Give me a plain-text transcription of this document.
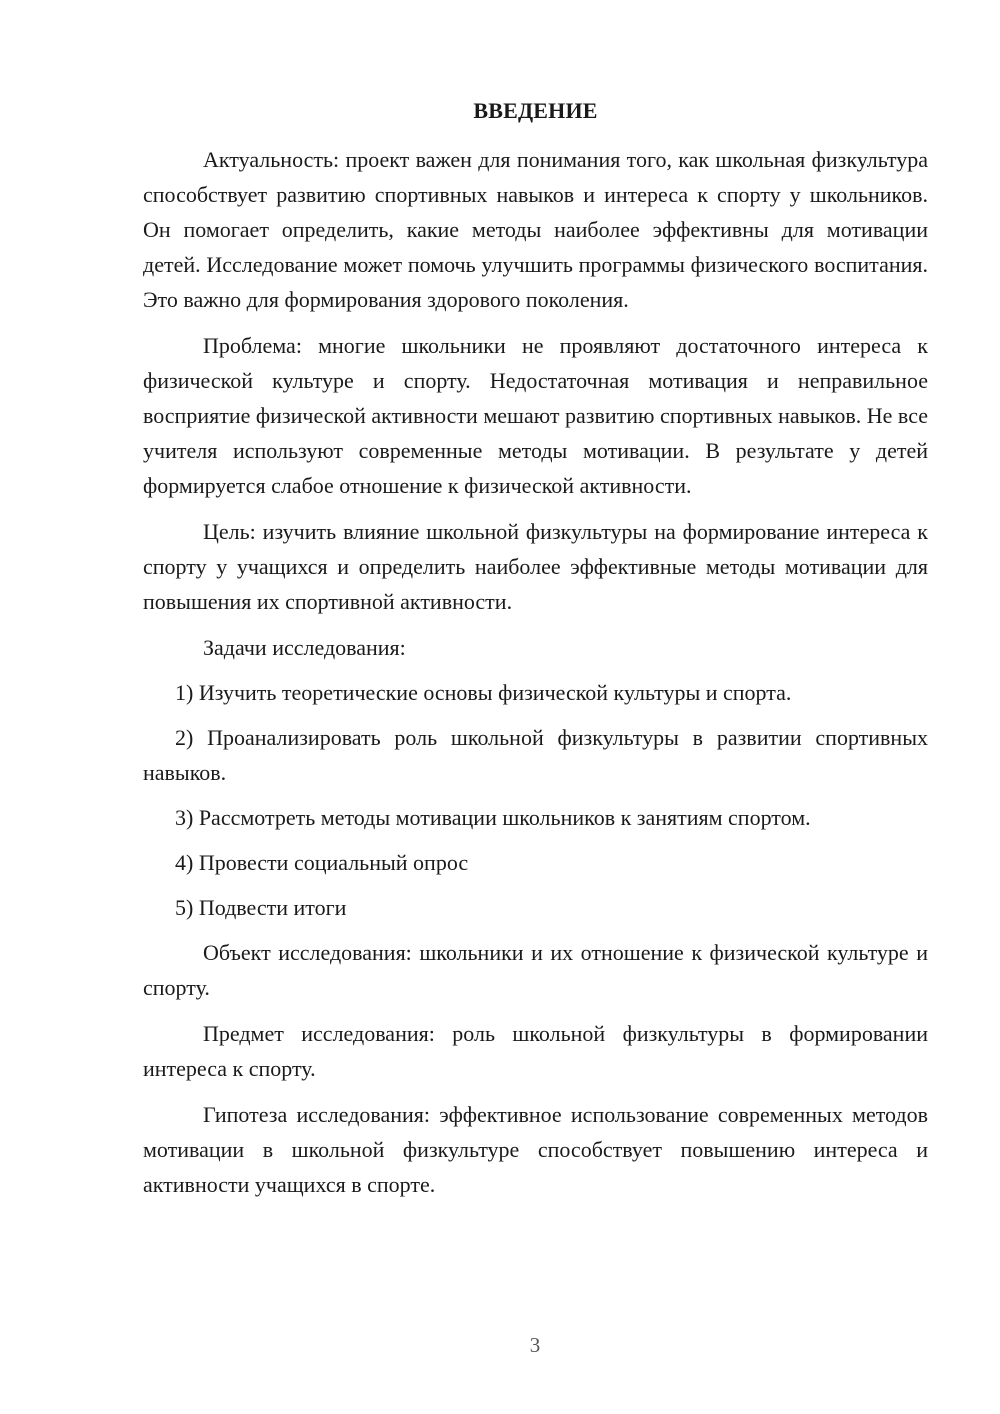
ВВЕДЕНИЕ

Актуальность: проект важен для понимания того, как школьная физкультура способствует развитию спортивных навыков и интереса к спорту у школьников. Он помогает определить, какие методы наиболее эффективны для мотивации детей. Исследование может помочь улучшить программы физического воспитания. Это важно для формирования здорового поколения.

Проблема: многие школьники не проявляют достаточного интереса к физической культуре и спорту. Недостаточная мотивация и неправильное восприятие физической активности мешают развитию спортивных навыков. Не все учителя используют современные методы мотивации. В результате у детей формируется слабое отношение к физической активности.

Цель: изучить влияние школьной физкультуры на формирование интереса к спорту у учащихся и определить наиболее эффективные методы мотивации для повышения их спортивной активности.

Задачи исследования:

1) Изучить теоретические основы физической культуры и спорта.

2) Проанализировать роль школьной физкультуры в развитии спортивных навыков.

3) Рассмотреть методы мотивации школьников к занятиям спортом.

4) Провести социальный опрос

5) Подвести итоги

Объект исследования: школьники и их отношение к физической культуре и спорту.

Предмет исследования: роль школьной физкультуры в формировании интереса к спорту.

Гипотеза исследования: эффективное использование современных методов мотивации в школьной физкультуре способствует повышению интереса и активности учащихся в спорте.

3
